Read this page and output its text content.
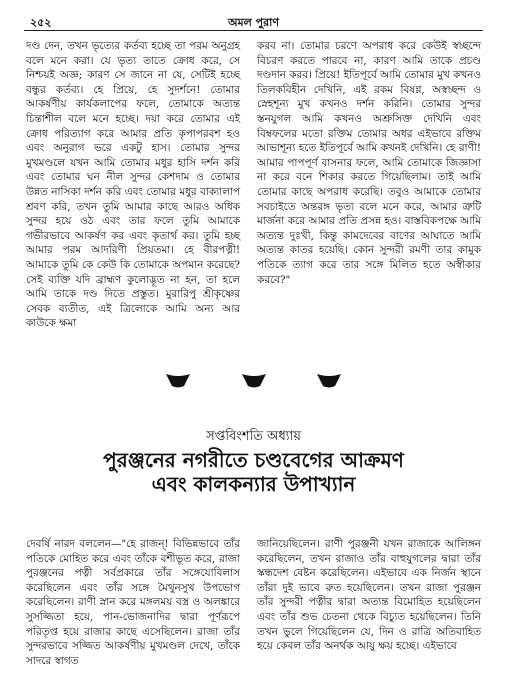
২৫২	অমল পুরাণ

দণ্ড দেন, তখন ভৃত্যের কর্তব্য হচ্ছে তা পরম অনুগ্রহ বলে মনে করা। যে ভৃত্য তাতে ক্রোধ করে, সে নিশ্চয়ই অজ্ঞ; কারণ সে জানে না যে, সেটিই হচ্ছে বন্ধুর কর্তব্য। হে প্রিয়ে, হে সুদর্শনে! তোমার আকর্ষণীয় কার্যকলাপের ফলে, তোমাকে অত্যন্ত চিন্তাশীল বলে মনে হচ্ছে। দয়া করে তোমার এই ক্রোধ পরিত্যাগ করে আমার প্রতি কৃপাপরবশ হও এবং অনুরাগ ভরে একটু হাস। তোমার সুন্দর মুখমণ্ডলে যখন আমি তোমার মধুর হাসি দর্শন করি এবং তোমার ঘন নীল সুন্দর কেশদাম ও তোমার উন্নত নাসিকা দর্শন করি এবং তোমার মধুর বাক্যালাপ শ্রবণ করি, তখন তুমি আমার কাছে আরও অধিক সুন্দর হয়ে ওঠ এবং তার ফলে তুমি আমাকে গভীরভাবে আকর্ষণ কর এবং কৃতার্থ কর। তুমি হচ্ছ আমার পরম আদরিণী প্রিয়তমা। হে বীরপত্নী! আমাকে তুমি কে কেউ কি তোমাকে অপমান করেছে? সেই ব্যক্তি যদি ব্রাহ্মণ কুলোদ্ভূত না হন, তা হলে আমি তাকে দণ্ড দিতে প্রস্তুত। মুরারিপু শ্রীকৃষ্ণের সেবক ব্যতীত, এই ত্রিলোকে আমি অন্য আর কাউকে ক্ষমা

করব না। তোমার চরণে অপরাধ করে কেউই স্বচ্ছন্দে বিচরণ করতে পারবে না, কারণ আমি তাকে প্রচণ্ড দণ্ডদান করব। প্রিয়ে! ইতিপূর্বে আমি তোমার মুখ কখনও তিলকবিহীন দেখিনি, এই রকম বিষণ্ণ, অস্বচ্ছন্দ ও স্নেহশূন্য মুখ কখনও দর্শন করিনি। তোমার সুন্দর স্তনযুগল আমি কখনও অশ্রুসিক্ত দেখিনি এবং বিম্বফলের মতো রক্তিম তোমার অধর এইভাবে রক্তিম আভাশূন্য হতে ইতিপূর্বে আমি কখনই দেখিনি। হে রাণী! আমার পাপপূর্ণ বাসনার ফলে, আমি তোমাকে জিজ্ঞাসা না করে বনে শিকার করতে গিয়েছিলাম। তাই আমি তোমার কাছে অপরাধ করেছি। তবুও আমাকে তোমার সবচাইতে অন্তরঙ্গ ভৃত্য বলে মনে করে, আমার ত্রুটি মার্জনা করে আমার প্রতি প্রসন্ন হও। বাস্তবিকপক্ষে আমি অত্যন্ত দুঃখী, কিন্তু কামদেবের বাণের আঘাতে আমি অত্যন্ত কাতর হয়েছি। কোন সুন্দরী রমণী তার কামুক পতিকে ত্যাগ করে তার সঙ্গে মিলিত হতে অস্বীকার করবে?"

সপ্তবিংশতি অধ্যায়
পুরঞ্জনের নগরীতে চণ্ডবেগের আক্রমণ
এবং কালকন্যার উপাখ্যান

দেবর্ষি নারদ বললেন—"হে রাজন্! বিভিন্নভাবে তাঁর পতিকে মোহিত করে এবং তাঁকে বশীভূত করে, রাজা পুরঞ্জনের পত্নী সর্বপ্রকারে তাঁর সঙ্গেযোবিলাস করেছিলেন এবং তাঁর সঙ্গে মৈথুনসুখ উপভোগ করেছিলেন। রাণী স্নান করে মঙ্গলময় বস্ত্র ও অলঙ্কারে সুসজ্জিতা হয়ে, পান-ভোজনাদির দ্বারা পূর্ণরূপে পরিতৃপ্ত হয়ে রাজার কাছে এসেছিলেন। রাজা তাঁর সুন্দরভাবে সজ্জিত আকর্ষণীয় মুখমণ্ডল দেখে, তাঁকে সাদরে স্বাগত

জানিয়েছিলেন। রাণী পুরঞ্জনী যখন রাজাকে আলিঙ্গন করেছিলেন, তখন রাজাও তাঁর বাহুযুগলের দ্বারা তাঁর স্কন্ধদেশ বেষ্টন করেছিলেন। এইভাবে এক নির্জন স্থানে তাঁরা দুই ভাবে রুত হয়েছিলেন। তখন রাজা পুরঞ্জন তাঁর সুন্দরী পত্নীর দ্বারা অত্যন্ত বিমোহিত হয়েছিলেন এবং তাঁর শুভ চেতনা থেকে বিচ্যুত হয়েছিলেন। তিনি তখন ভুলে গিয়েছিলেন যে, দিন ও রাত্রি অতিবাহিত হয়ে কেবল তাঁর অনর্থক আয়ু ক্ষয় হচ্ছে। এইভাবে
